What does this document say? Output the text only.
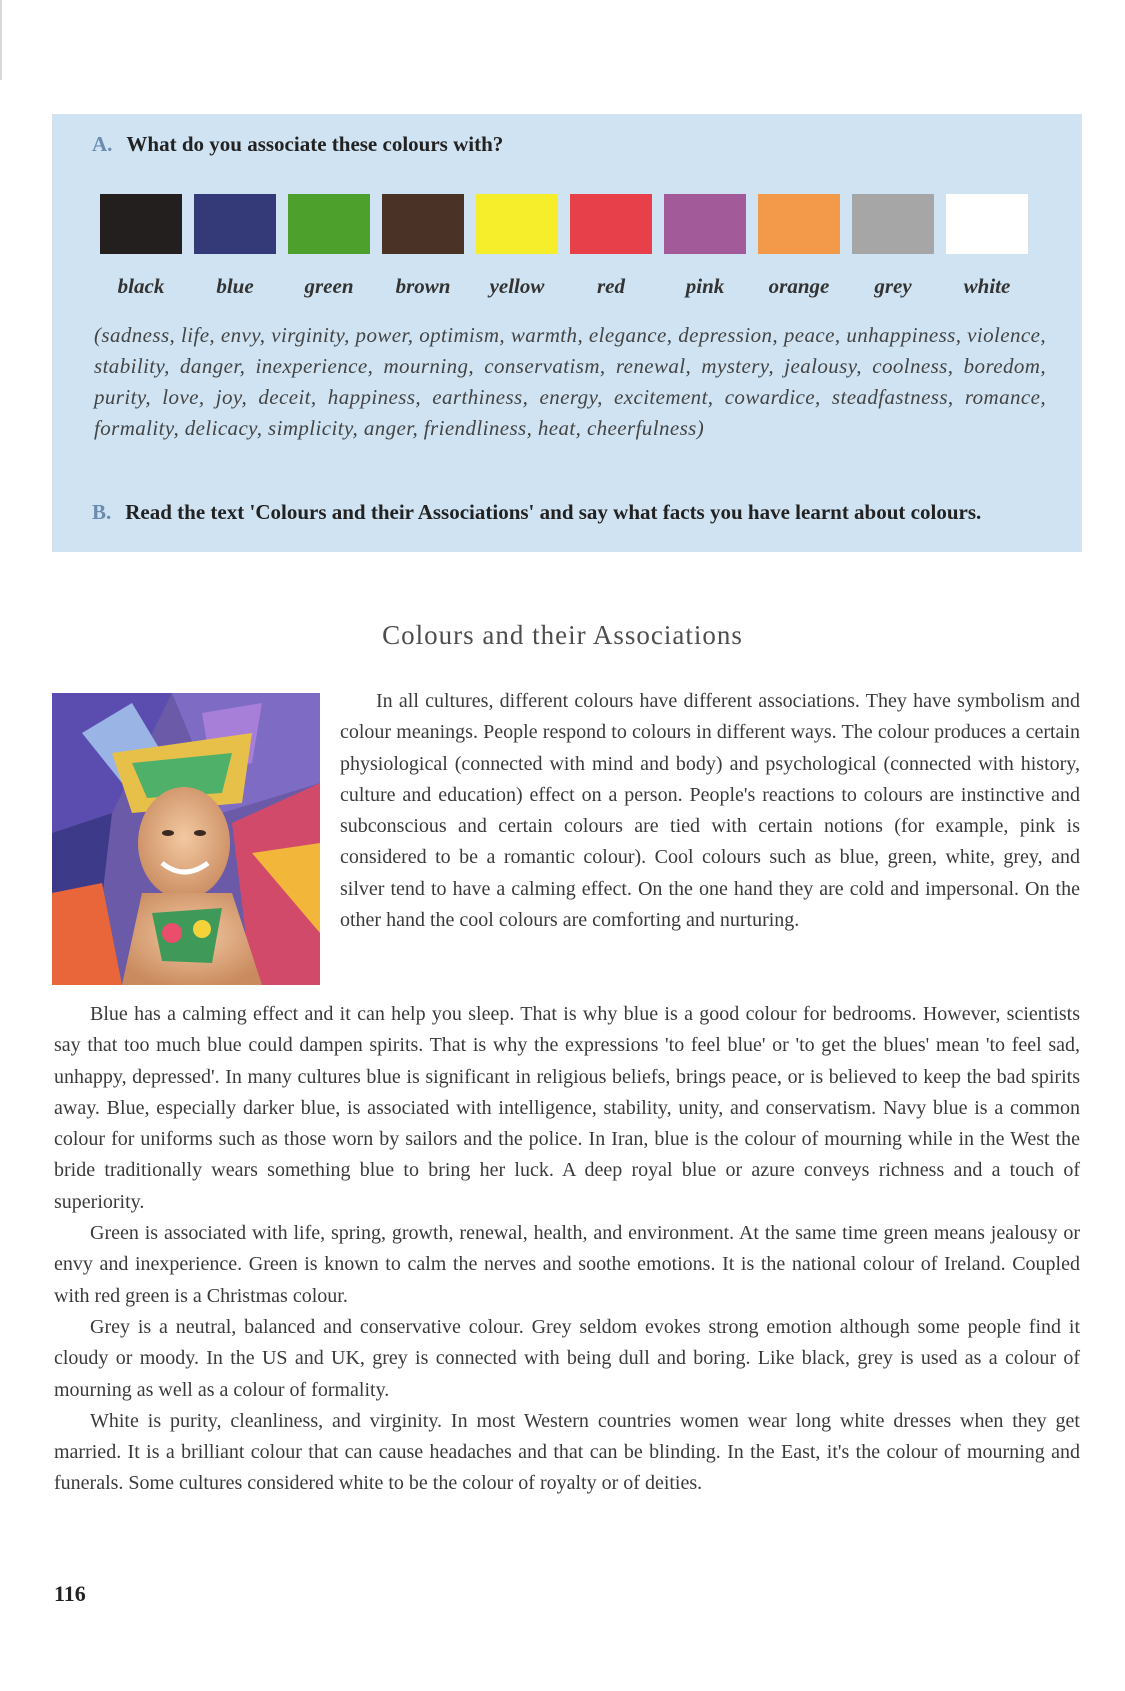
A. What do you associate these colours with?
black	blue	green	brown	yellow	red	pink	orange	grey	white
(sadness, life, envy, virginity, power, optimism, warmth, elegance, depression, peace, unhappiness, violence, stability, danger, inexperience, mourning, conservatism, renewal, mystery, jealousy, coolness, boredom, purity, love, joy, deceit, happiness, earthiness, energy, excitement, cowardice, steadfastness, romance, formality, delicacy, simplicity, anger, friendliness, heat, cheerfulness)
B. Read the text 'Colours and their Associations' and say what facts you have learnt about colours.
Colours and their Associations

In all cultures, different colours have different associations. They have symbolism and colour meanings. People respond to colours in different ways. The colour produces a certain physiological (connected with mind and body) and psychological (connected with history, culture and education) effect on a person. People's reactions to colours are instinctive and subconscious and certain colours are tied with certain notions (for example, pink is considered to be a romantic colour). Cool colours such as blue, green, white, grey, and silver tend to have a calming effect. On the one hand they are cold and impersonal. On the other hand the cool colours are comforting and nurturing.

Blue has a calming effect and it can help you sleep. That is why blue is a good colour for bedrooms. However, scientists say that too much blue could dampen spirits. That is why the expressions 'to feel blue' or 'to get the blues' mean 'to feel sad, unhappy, depressed'. In many cultures blue is significant in religious beliefs, brings peace, or is believed to keep the bad spirits away. Blue, especially darker blue, is associated with intelligence, stability, unity, and conservatism. Navy blue is a common colour for uniforms such as those worn by sailors and the police. In Iran, blue is the colour of mourning while in the West the bride traditionally wears something blue to bring her luck. A deep royal blue or azure conveys richness and a touch of superiority.

Green is associated with life, spring, growth, renewal, health, and environment. At the same time green means jealousy or envy and inexperience. Green is known to calm the nerves and soothe emotions. It is the national colour of Ireland. Coupled with red green is a Christmas colour.

Grey is a neutral, balanced and conservative colour. Grey seldom evokes strong emotion although some people find it cloudy or moody. In the US and UK, grey is connected with being dull and boring. Like black, grey is used as a colour of mourning as well as a colour of formality.

White is purity, cleanliness, and virginity. In most Western countries women wear long white dresses when they get married. It is a brilliant colour that can cause headaches and that can be blinding. In the East, it's the colour of mourning and funerals. Some cultures considered white to be the colour of royalty or of deities.

116
